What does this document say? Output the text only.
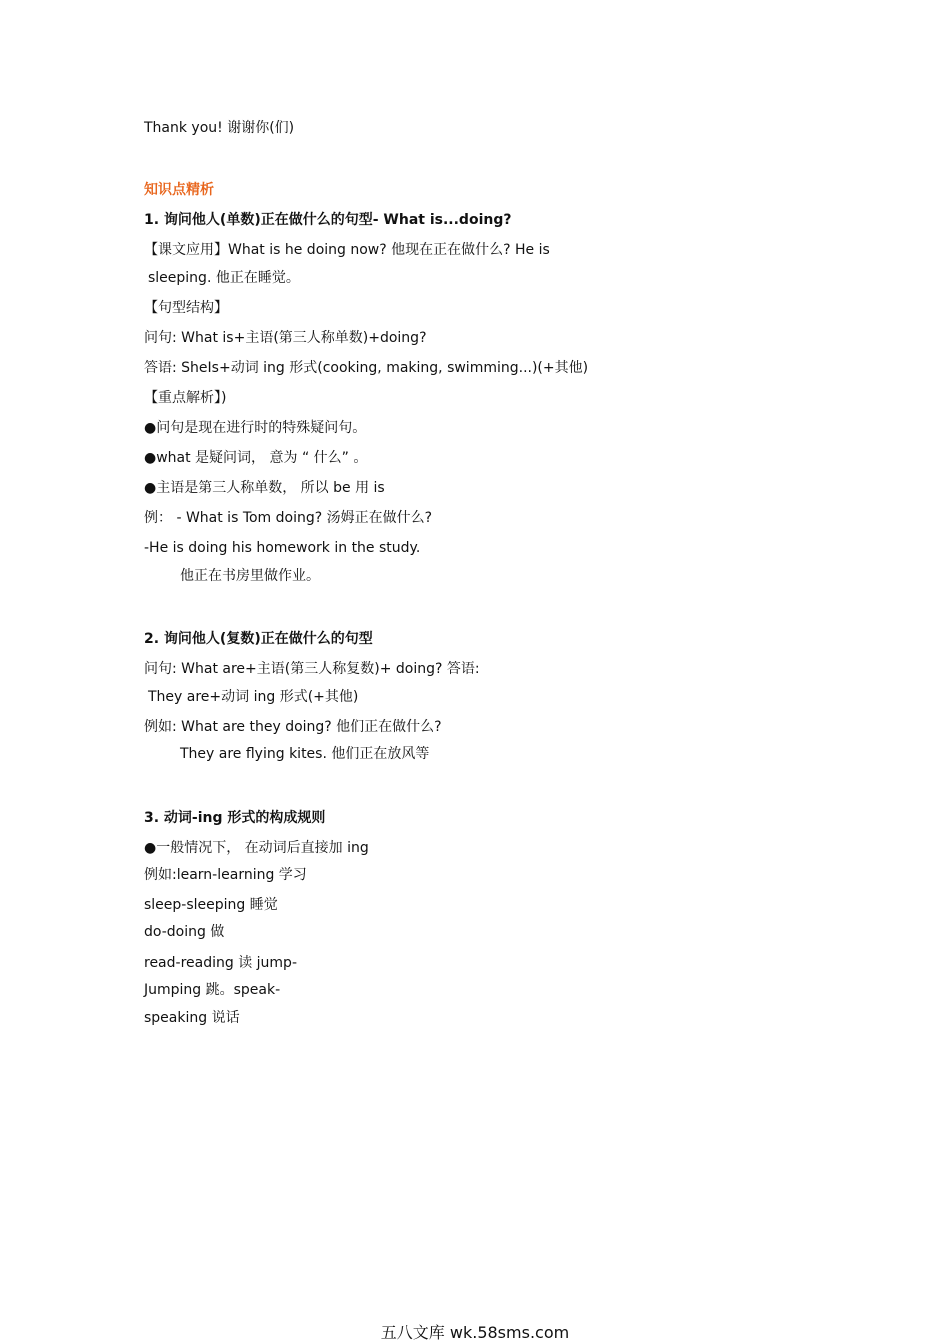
Thank you! 谢谢你(们)
知识点精析
1. 询问他人(单数)正在做什么的句型- What is...doing?
【课文应用】What is he doing now? 他现在正在做什么? He is
sleeping. 他正在睡觉。
【句型结构】
问句: What is+主语(第三人称单数)+doing?
答语: SheIs+动词 ing 形式(cooking, making, swimming...)(+其他)
【重点解析】)
●问句是现在进行时的特殊疑问句。
●what 是疑问词， 意为 “ 什么” 。
●主语是第三人称单数， 所以 be 用 is
例： - What is Tom doing? 汤姆正在做什么?
-He is doing his homework in the study.
他正在书房里做作业。
2. 询问他人(复数)正在做什么的句型
问句: What are+主语(第三人称复数)+ doing? 答语:
They are+动词 ing 形式(+其他)
例如: What are they doing? 他们正在做什么?
They are flying kites. 他们正在放风等
3. 动词-ing 形式的构成规则
●一般情况下， 在动词后直接加 ing
例如:learn-learning 学习
sleep-sleeping 睡觉
do-doing 做
read-reading 读 jump-
Jumping 跳。speak-
speaking 说话
五八文库 wk.58sms.com
